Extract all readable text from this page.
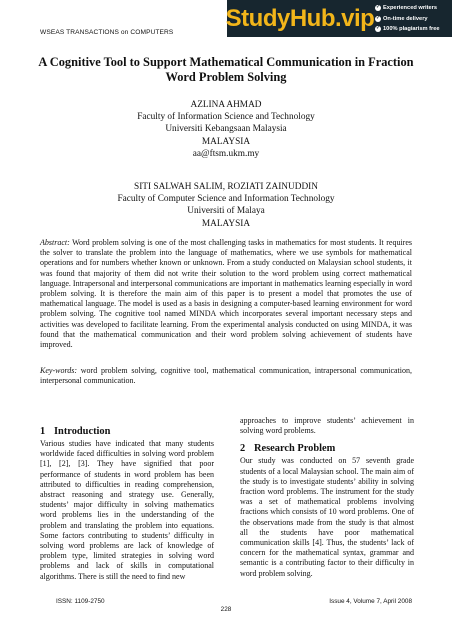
WSEAS TRANSACTIONS on COMPUTERS
StudyHub.vip ✓ Experienced writers
✓ On-time delivery
✓ 100% plagiarism free
A Cognitive Tool to Support Mathematical Communication in Fraction
Word Problem Solving
AZLINA AHMAD
Faculty of Information Science and Technology
Universiti Kebangsaan Malaysia
MALAYSIA
aa@ftsm.ukm.my
SITI SALWAH SALIM, ROZIATI ZAINUDDIN
Faculty of Computer Science and Information Technology
Universiti of Malaya
MALAYSIA

Abstract: Word problem solving is one of the most challenging tasks in mathematics for most students. It requires the solver to translate the problem into the language of mathematics, where we use symbols for mathematical operations and for numbers whether known or unknown. From a study conducted on Malaysian school students, it was found that majority of them did not write their solution to the word problem using correct mathematical language. Intrapersonal and interpersonal communications are important in mathematics learning especially in word problem solving. It is therefore the main aim of this paper is to present a model that promotes the use of mathematical language. The model is used as a basis in designing a computer-based learning environment for word problem solving. The cognitive tool named MINDA which incorporates several important necessary steps and activities was developed to facilitate learning. From the experimental analysis conducted on using MINDA, it was found that the mathematical communication and their word problem solving achievement of students have improved.

Key-words: word problem solving, cognitive tool, mathematical communication, intrapersonal communication, interpersonal communication.

1 Introduction

Various studies have indicated that many students worldwide faced difficulties in solving word problem [1], [2], [3]. They have signified that poor performance of students in word problem has been attributed to difficulties in reading comprehension, abstract reasoning and strategy use. Generally, students’ major difficulty in solving mathematics word problems lies in the understanding of the problem and translating the problem into equations. Some factors contributing to students’ difficulty in solving word problems are lack of knowledge of problem type, limited strategies in solving word problems and lack of skills in computational algorithms. There is still the need to find new

approaches to improve students’ achievement in solving word problems.

2 Research Problem

Our study was conducted on 57 seventh grade students of a local Malaysian school. The main aim of the study is to investigate students’ ability in solving fraction word problems. The instrument for the study was a set of mathematical problems involving fractions which consists of 10 word problems. One of the observations made from the study is that almost all the students have poor mathematical communication skills [4]. Thus, the students’ lack of concern for the mathematical syntax, grammar and semantic is a contributing factor to their difficulty in word problem solving.

ISSN: 1109-2750	Issue 4, Volume 7, April 2008
228
